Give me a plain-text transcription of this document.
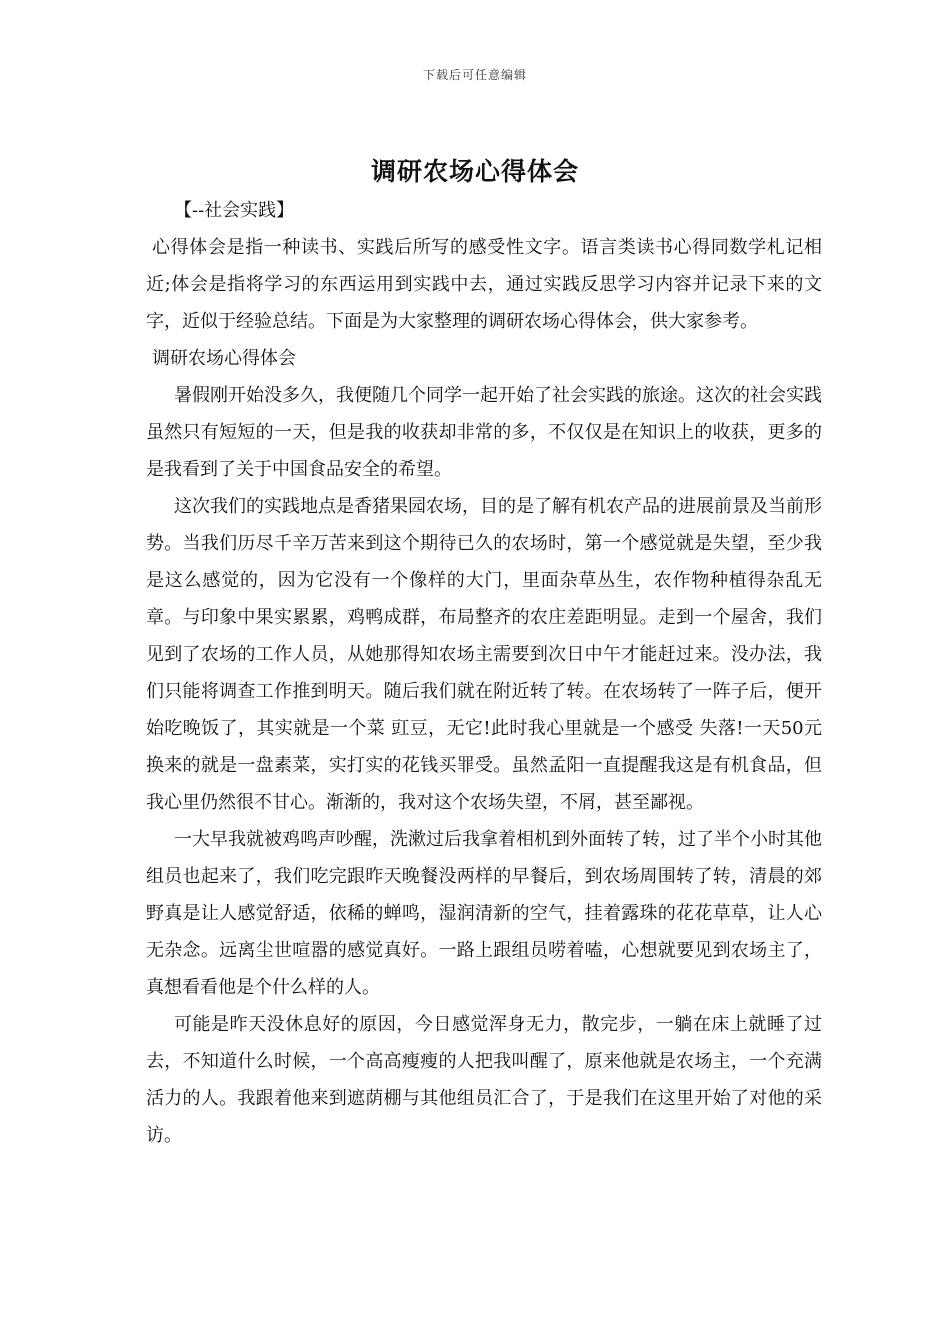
下载后可任意编辑
调研农场心得体会

【--社会实践】

心得体会是指一种读书、实践后所写的感受性文字。语言类读书心得同数学札记相近;体会是指将学习的东西运用到实践中去，通过实践反思学习内容并记录下来的文字，近似于经验总结。下面是为大家整理的调研农场心得体会，供大家参考。

调研农场心得体会

暑假刚开始没多久，我便随几个同学一起开始了社会实践的旅途。这次的社会实践虽然只有短短的一天，但是我的收获却非常的多，不仅仅是在知识上的收获，更多的是我看到了关于中国食品安全的希望。

这次我们的实践地点是香猪果园农场，目的是了解有机农产品的进展前景及当前形势。当我们历尽千辛万苦来到这个期待已久的农场时，第一个感觉就是失望，至少我是这么感觉的，因为它没有一个像样的大门，里面杂草丛生，农作物种植得杂乱无章。与印象中果实累累，鸡鸭成群，布局整齐的农庄差距明显。走到一个屋舍，我们见到了农场的工作人员，从她那得知农场主需要到次日中午才能赶过来。没办法，我们只能将调查工作推到明天。随后我们就在附近转了转。在农场转了一阵子后，便开始吃晚饭了，其实就是一个菜 豇豆，无它!此时我心里就是一个感受 失落!一天50元换来的就是一盘素菜，实打实的花钱买罪受。虽然孟阳一直提醒我这是有机食品，但我心里仍然很不甘心。渐渐的，我对这个农场失望，不屑，甚至鄙视。

一大早我就被鸡鸣声吵醒，洗漱过后我拿着相机到外面转了转，过了半个小时其他组员也起来了，我们吃完跟昨天晚餐没两样的早餐后，到农场周围转了转，清晨的郊野真是让人感觉舒适，依稀的蝉鸣，湿润清新的空气，挂着露珠的花花草草，让人心无杂念。远离尘世喧嚣的感觉真好。一路上跟组员唠着嗑，心想就要见到农场主了，真想看看他是个什么样的人。

可能是昨天没休息好的原因，今日感觉浑身无力，散完步，一躺在床上就睡了过去，不知道什么时候，一个高高瘦瘦的人把我叫醒了，原来他就是农场主，一个充满活力的人。我跟着他来到遮荫棚与其他组员汇合了，于是我们在这里开始了对他的采访。
